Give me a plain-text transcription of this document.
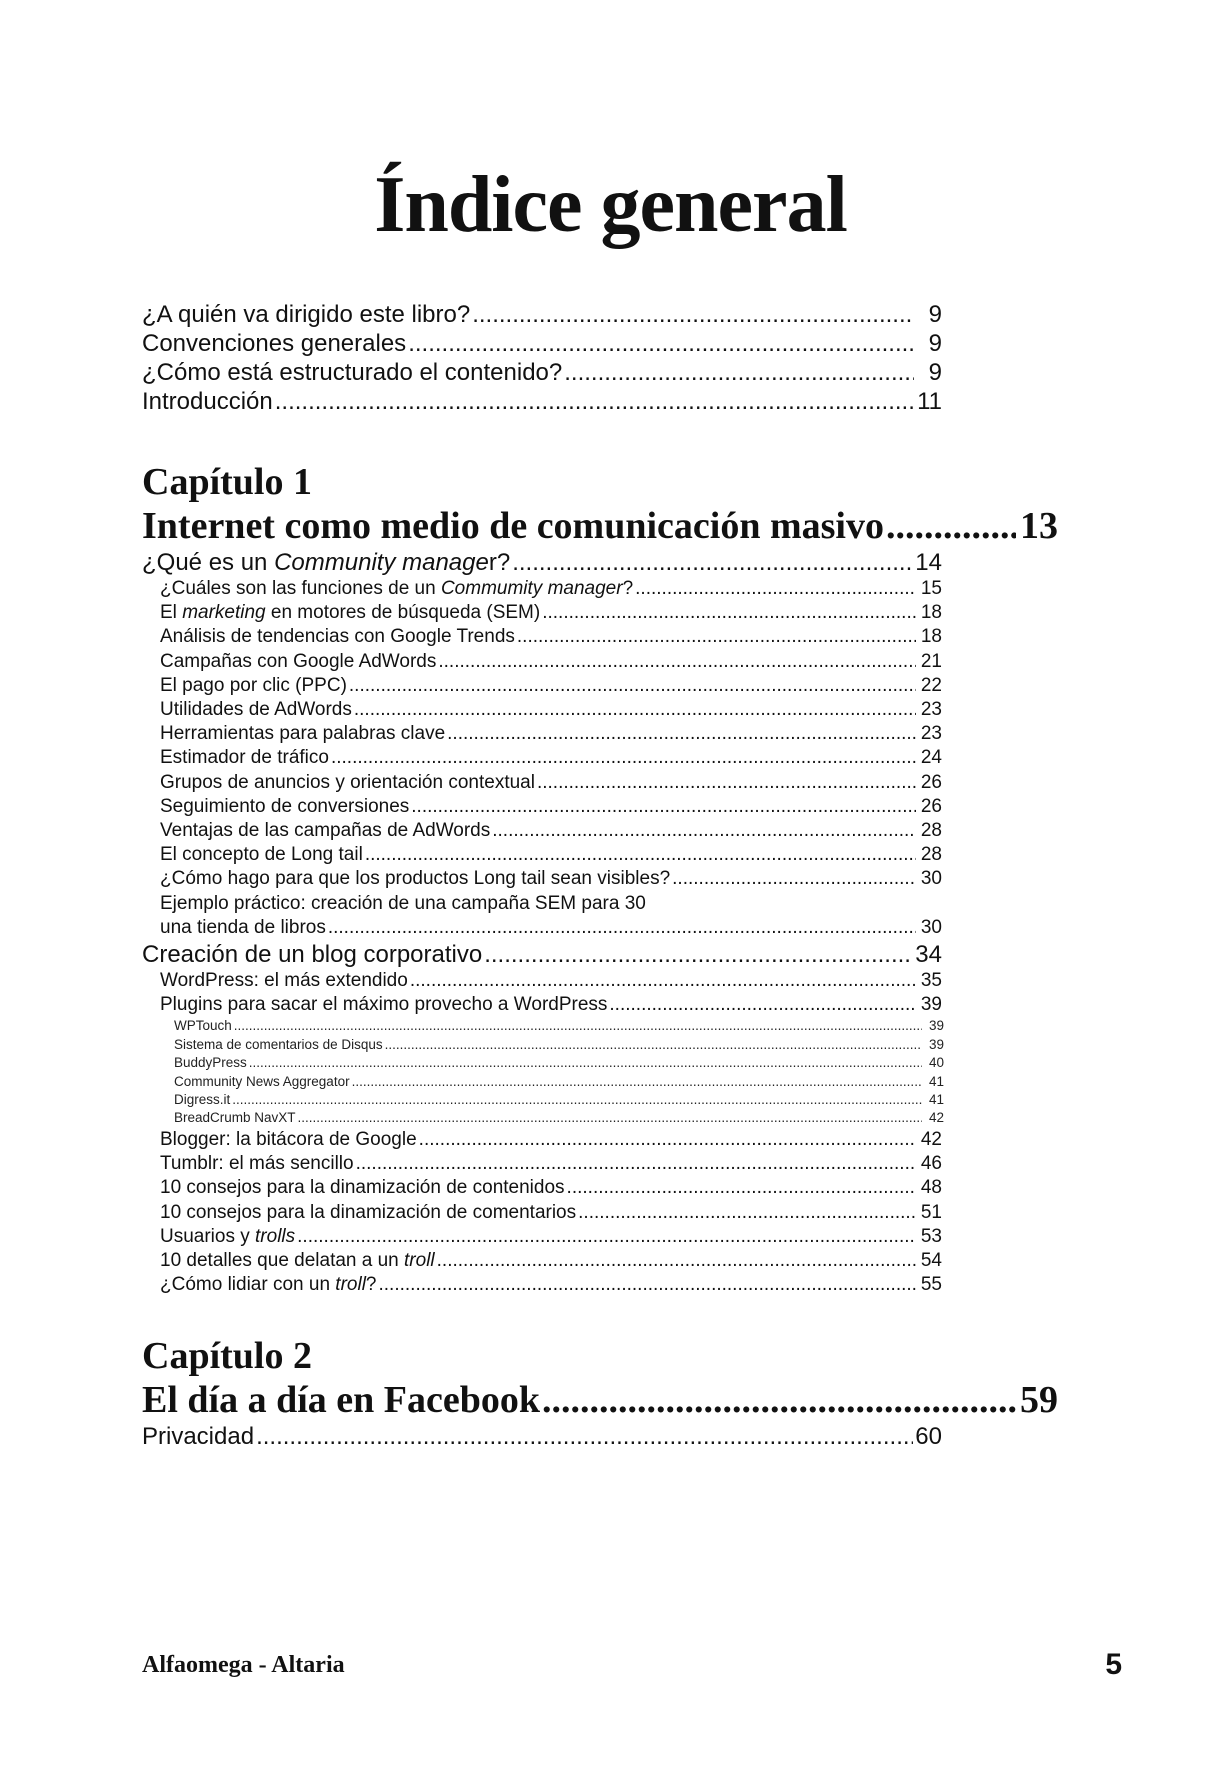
Índice general
¿A quién va dirigido este libro? .....	9
Convenciones generales .....	9
¿Cómo está estructurado el contenido? .....	9
Introducción .....	11
Capítulo 1
Internet como medio de comunicación masivo .....	13
¿Qué es un Community manager? .....	14
¿Cuáles son las funciones de un Commumity manager? .....	15
El marketing en motores de búsqueda (SEM) .....	18
Análisis de tendencias con Google Trends .....	18
Campañas con Google AdWords .....	21
El pago por clic (PPC) .....	22
Utilidades de AdWords .....	23
Herramientas para palabras clave .....	23
Estimador de tráfico .....	24
Grupos de anuncios y orientación contextual .....	26
Seguimiento de conversiones .....	26
Ventajas de las campañas de AdWords .....	28
El concepto de Long tail .....	28
¿Cómo hago para que los productos Long tail sean visibles? .....	30
Ejemplo práctico: creación de una campaña SEM para 30
una tienda de libros .....	30
Creación de un blog corporativo .....	34
WordPress: el más extendido .....	35
Plugins para sacar el máximo provecho a WordPress .....	39
WPTouch .....	39
Sistema de comentarios de Disqus .....	39
BuddyPress .....	40
Community News Aggregator .....	41
Digress.it .....	41
BreadCrumb NavXT .....	42
Blogger: la bitácora de Google .....	42
Tumblr: el más sencillo .....	46
10 consejos para la dinamización de contenidos .....	48
10 consejos para la dinamización de comentarios .....	51
Usuarios y trolls .....	53
10 detalles que delatan a un troll .....	54
¿Cómo lidiar con un troll? .....	55
Capítulo 2
El día a día en Facebook .....	59
Privacidad .....	60
Alfaomega - Altaria	5
